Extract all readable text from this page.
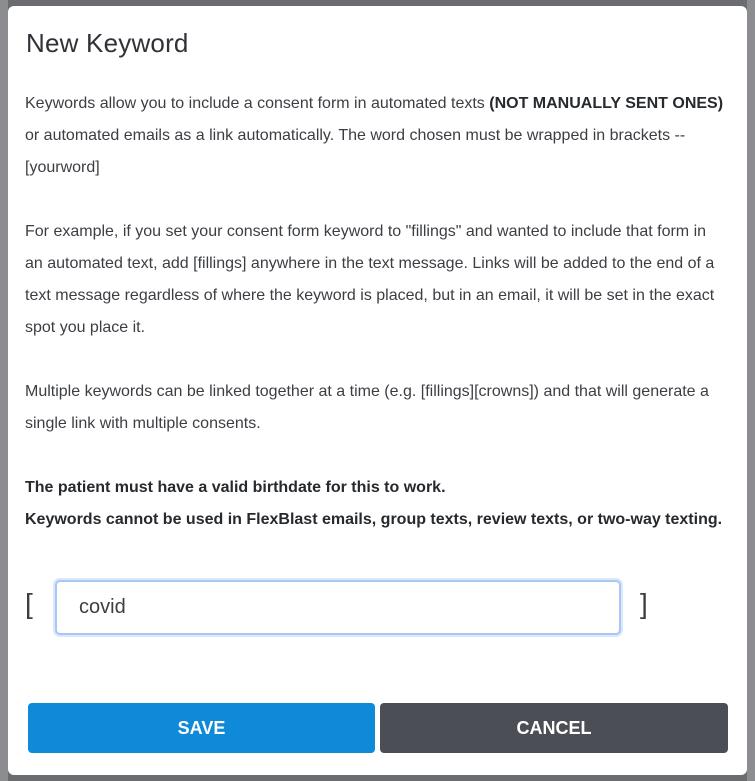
New Keyword

Keywords allow you to include a consent form in automated texts (NOT MANUALLY SENT ONES) or automated emails as a link automatically. The word chosen must be wrapped in brackets -- [yourword]

For example, if you set your consent form keyword to "fillings" and wanted to include that form in an automated text, add [fillings] anywhere in the text message. Links will be added to the end of a text message regardless of where the keyword is placed, but in an email, it will be set in the exact spot you place it.

Multiple keywords can be linked together at a time (e.g. [fillings][crowns]) and that will generate a single link with multiple consents.

The patient must have a valid birthdate for this to work.

Keywords cannot be used in FlexBlast emails, group texts, review texts, or two-way texting.

[
covid	]
SAVE	CANCEL
